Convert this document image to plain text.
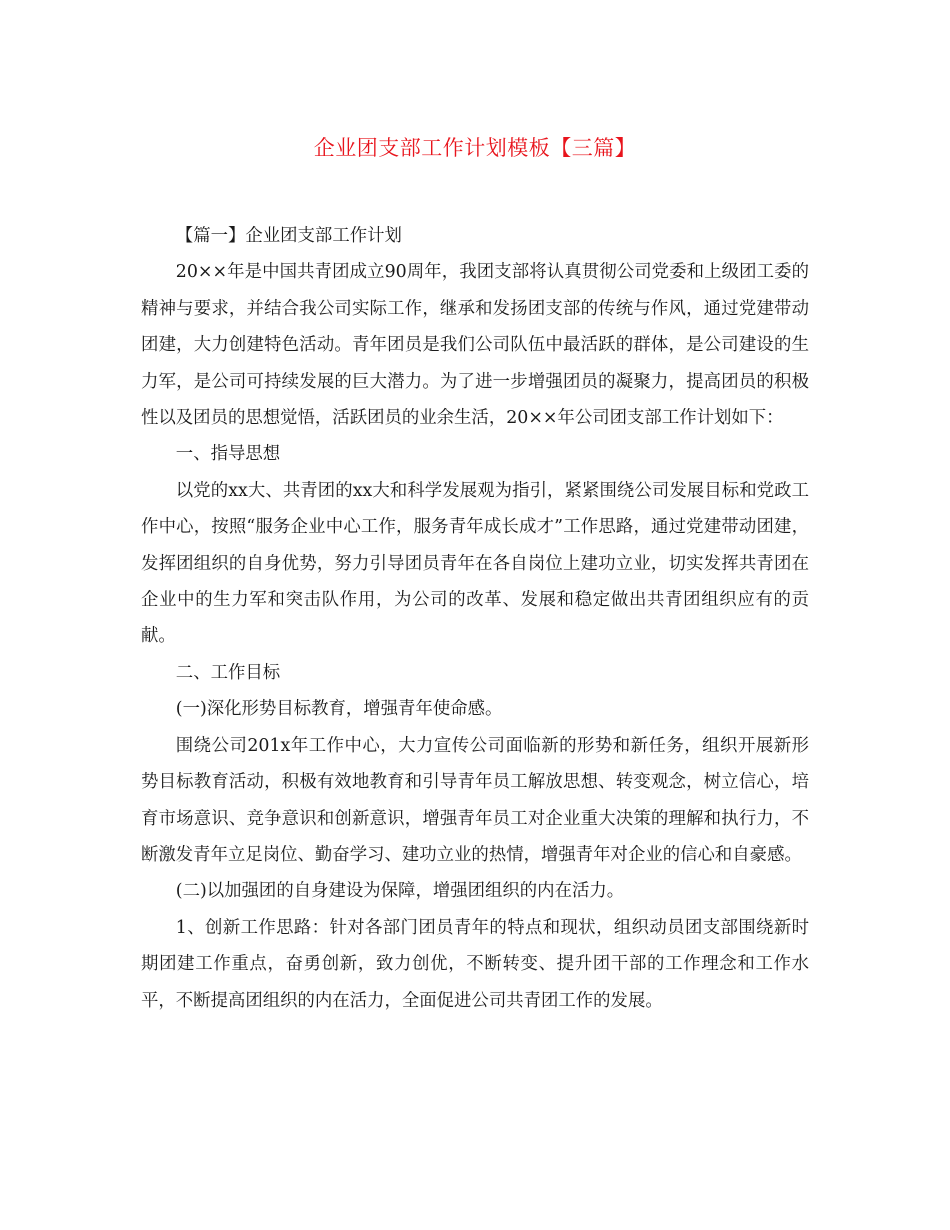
企业团支部工作计划模板【三篇】

【篇一】企业团支部工作计划

20××年是中国共青团成立90周年，我团支部将认真贯彻公司党委和上级团工委的精神与要求，并结合我公司实际工作，继承和发扬团支部的传统与作风，通过党建带动团建，大力创建特色活动。青年团员是我们公司队伍中最活跃的群体，是公司建设的生力军，是公司可持续发展的巨大潜力。为了进一步增强团员的凝聚力，提高团员的积极性以及团员的思想觉悟，活跃团员的业余生活，20××年公司团支部工作计划如下：

一、指导思想

以党的xx大、共青团的xx大和科学发展观为指引，紧紧围绕公司发展目标和党政工作中心，按照“服务企业中心工作，服务青年成长成才”工作思路，通过党建带动团建，发挥团组织的自身优势，努力引导团员青年在各自岗位上建功立业，切实发挥共青团在企业中的生力军和突击队作用，为公司的改革、发展和稳定做出共青团组织应有的贡献。

二、工作目标

(一)深化形势目标教育，增强青年使命感。

围绕公司201x年工作中心，大力宣传公司面临新的形势和新任务，组织开展新形势目标教育活动，积极有效地教育和引导青年员工解放思想、转变观念，树立信心，培育市场意识、竞争意识和创新意识，增强青年员工对企业重大决策的理解和执行力，不断激发青年立足岗位、勤奋学习、建功立业的热情，增强青年对企业的信心和自豪感。

(二)以加强团的自身建设为保障，增强团组织的内在活力。

1、创新工作思路：针对各部门团员青年的特点和现状，组织动员团支部围绕新时期团建工作重点，奋勇创新，致力创优，不断转变、提升团干部的工作理念和工作水平，不断提高团组织的内在活力，全面促进公司共青团工作的发展。
